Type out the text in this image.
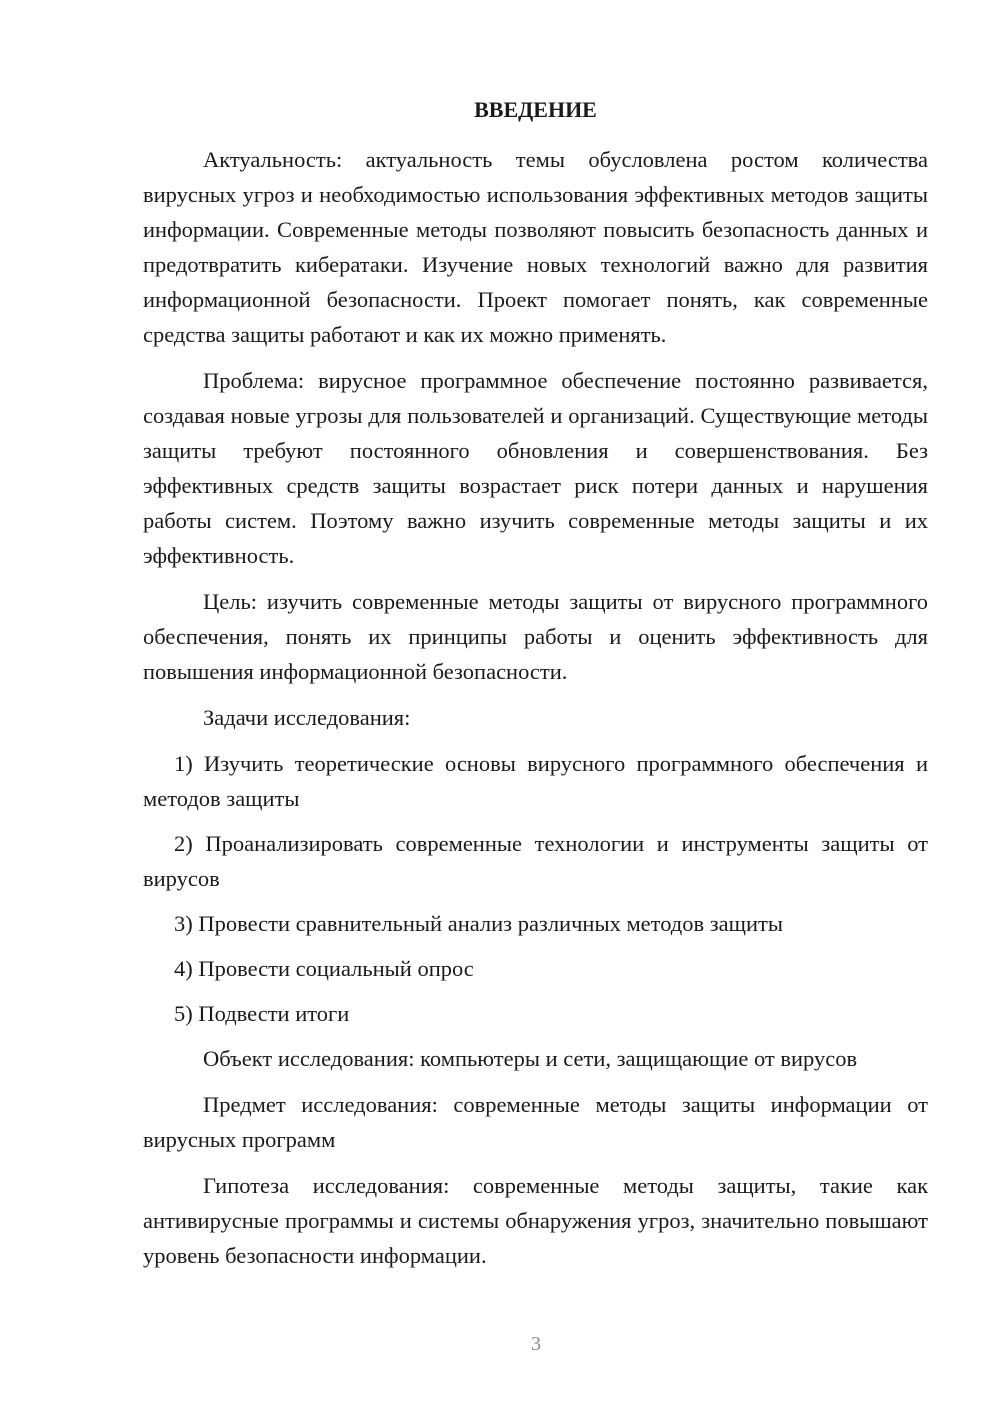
ВВЕДЕНИЕ

Актуальность: актуальность темы обусловлена ростом количества вирусных угроз и необходимостью использования эффективных методов защиты информации. Современные методы позволяют повысить безопасность данных и предотвратить кибератаки. Изучение новых технологий важно для развития информационной безопасности. Проект помогает понять, как современные средства защиты работают и как их можно применять.

Проблема: вирусное программное обеспечение постоянно развивается, создавая новые угрозы для пользователей и организаций. Существующие методы защиты требуют постоянного обновления и совершенствования. Без эффективных средств защиты возрастает риск потери данных и нарушения работы систем. Поэтому важно изучить современные методы защиты и их эффективность.

Цель: изучить современные методы защиты от вирусного программного обеспечения, понять их принципы работы и оценить эффективность для повышения информационной безопасности.

Задачи исследования:

1) Изучить теоретические основы вирусного программного обеспечения и методов защиты

2) Проанализировать современные технологии и инструменты защиты от вирусов

3) Провести сравнительный анализ различных методов защиты

4) Провести социальный опрос

5) Подвести итоги

Объект исследования: компьютеры и сети, защищающие от вирусов

Предмет исследования: современные методы защиты информации от вирусных программ

Гипотеза исследования: современные методы защиты, такие как антивирусные программы и системы обнаружения угроз, значительно повышают уровень безопасности информации.

3
